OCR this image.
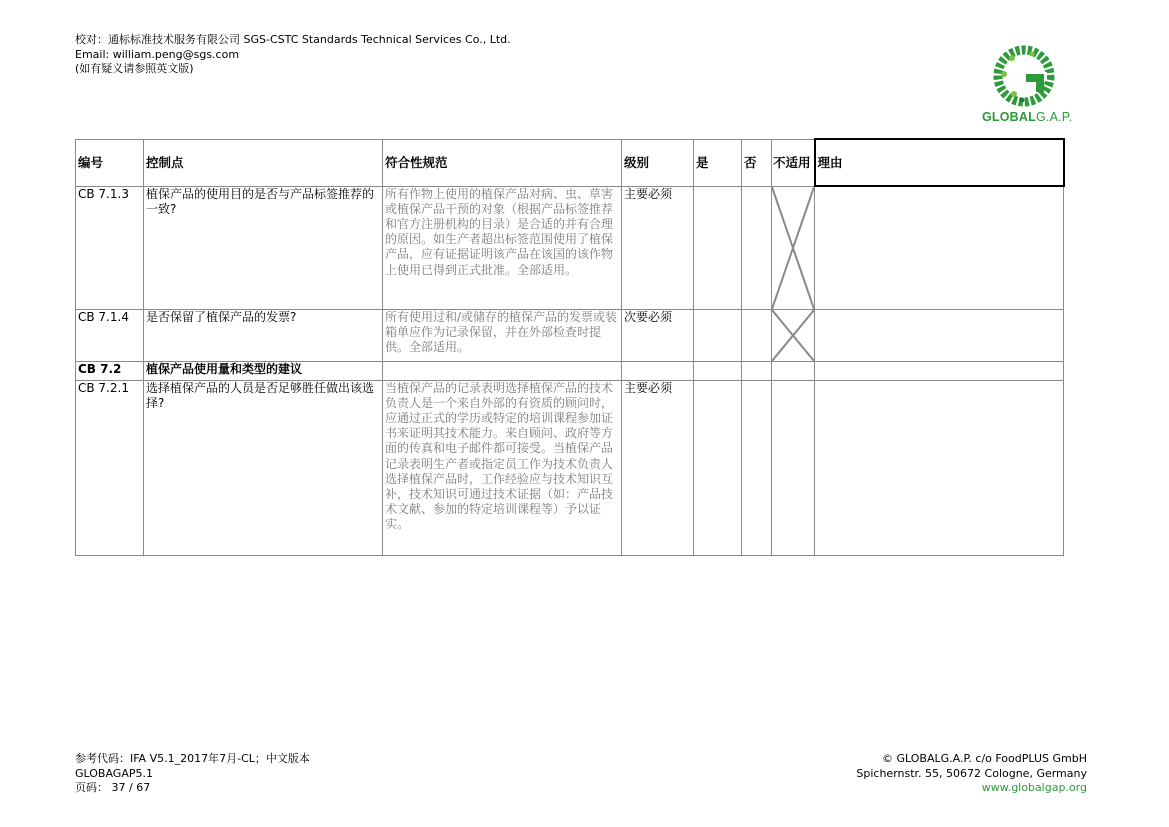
校对：通标标准技术服务有限公司 SGS-CSTC Standards Technical Services Co., Ltd.
Email: william.peng@sgs.com
(如有疑义请参照英文版)
GLOBALG.A.P.
编号	控制点	符合性规范	级别	是	否	不适用	理由
CB 7.1.3	植保产品的使用目的是否与产品标签推荐的一致?	所有作物上使用的植保产品对病、虫、草害或植保产品干预的对象（根据产品标签推荐和官方注册机构的目录）是合适的并有合理的原因。如生产者超出标签范围使用了植保产品，应有证据证明该产品在该国的该作物上使用已得到正式批准。全部适用。	主要必须			

CB 7.1.4	是否保留了植保产品的发票?	所有使用过和/或储存的植保产品的发票或装箱单应作为记录保留，并在外部检查时提供。全部适用。	次要必须			

CB 7.2	植保产品使用量和类型的建议						
CB 7.2.1	选择植保产品的人员是否足够胜任做出该选择?	当植保产品的记录表明选择植保产品的技术负责人是一个来自外部的有资质的顾问时，应通过正式的学历或特定的培训课程参加证书来证明其技术能力。来自顾问、政府等方面的传真和电子邮件都可接受。当植保产品记录表明生产者或指定员工作为技术负责人选择植保产品时，工作经验应与技术知识互补，技术知识可通过技术证据（如：产品技术文献、参加的特定培训课程等）予以证实。	主要必须				
参考代码：IFA V5.1_2017年7月-CL；中文版本
GLOBAGAP5.1
页码： 37 / 67
© GLOBALG.A.P. c/o FoodPLUS GmbH
Spichernstr. 55, 50672 Cologne, Germany
www.globalgap.org
